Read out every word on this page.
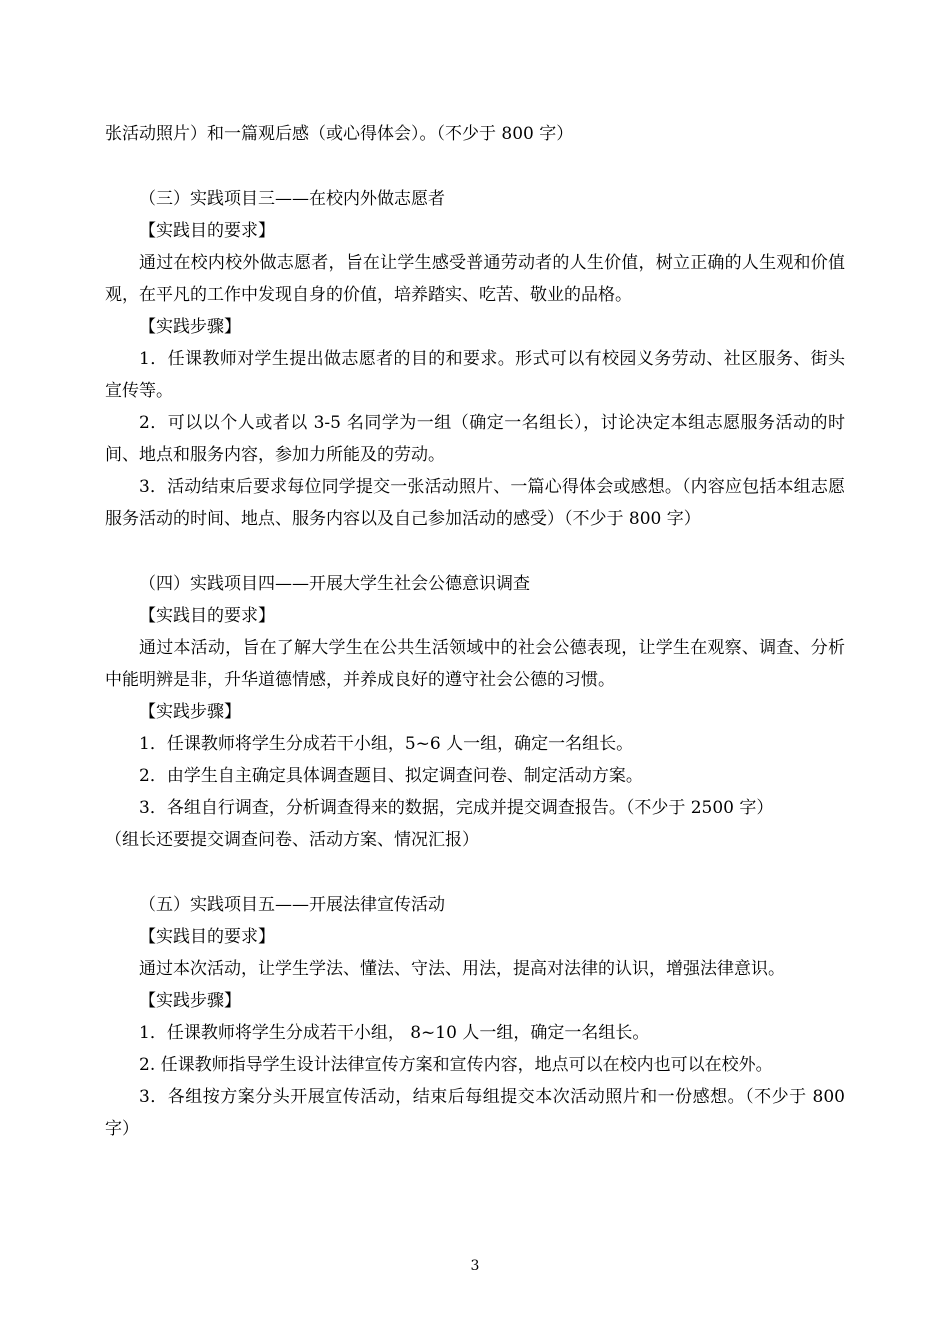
张活动照片）和一篇观后感（或心得体会）。（不少于 800 字）

（三）实践项目三——在校内外做志愿者

【实践目的要求】

通过在校内校外做志愿者，旨在让学生感受普通劳动者的人生价值，树立正确的人生观和价值观，在平凡的工作中发现自身的价值，培养踏实、吃苦、敬业的品格。

【实践步骤】

1．任课教师对学生提出做志愿者的目的和要求。形式可以有校园义务劳动、社区服务、街头宣传等。

2．可以以个人或者以 3-5 名同学为一组（确定一名组长），讨论决定本组志愿服务活动的时间、地点和服务内容，参加力所能及的劳动。

3．活动结束后要求每位同学提交一张活动照片、一篇心得体会或感想。（内容应包括本组志愿服务活动的时间、地点、服务内容以及自己参加活动的感受）（不少于 800 字）

（四）实践项目四——开展大学生社会公德意识调查

【实践目的要求】

通过本活动，旨在了解大学生在公共生活领域中的社会公德表现，让学生在观察、调查、分析中能明辨是非，升华道德情感，并养成良好的遵守社会公德的习惯。

【实践步骤】

1．任课教师将学生分成若干小组，5~6 人一组，确定一名组长。

2．由学生自主确定具体调查题目、拟定调查问卷、制定活动方案。

3．各组自行调查，分析调查得来的数据，完成并提交调查报告。（不少于 2500 字）

（组长还要提交调查问卷、活动方案、情况汇报）

（五）实践项目五——开展法律宣传活动

【实践目的要求】

通过本次活动，让学生学法、懂法、守法、用法，提高对法律的认识，增强法律意识。

【实践步骤】

1．任课教师将学生分成若干小组， 8~10 人一组，确定一名组长。

2. 任课教师指导学生设计法律宣传方案和宣传内容，地点可以在校内也可以在校外。

3．各组按方案分头开展宣传活动，结束后每组提交本次活动照片和一份感想。（不少于 800 字）

3
